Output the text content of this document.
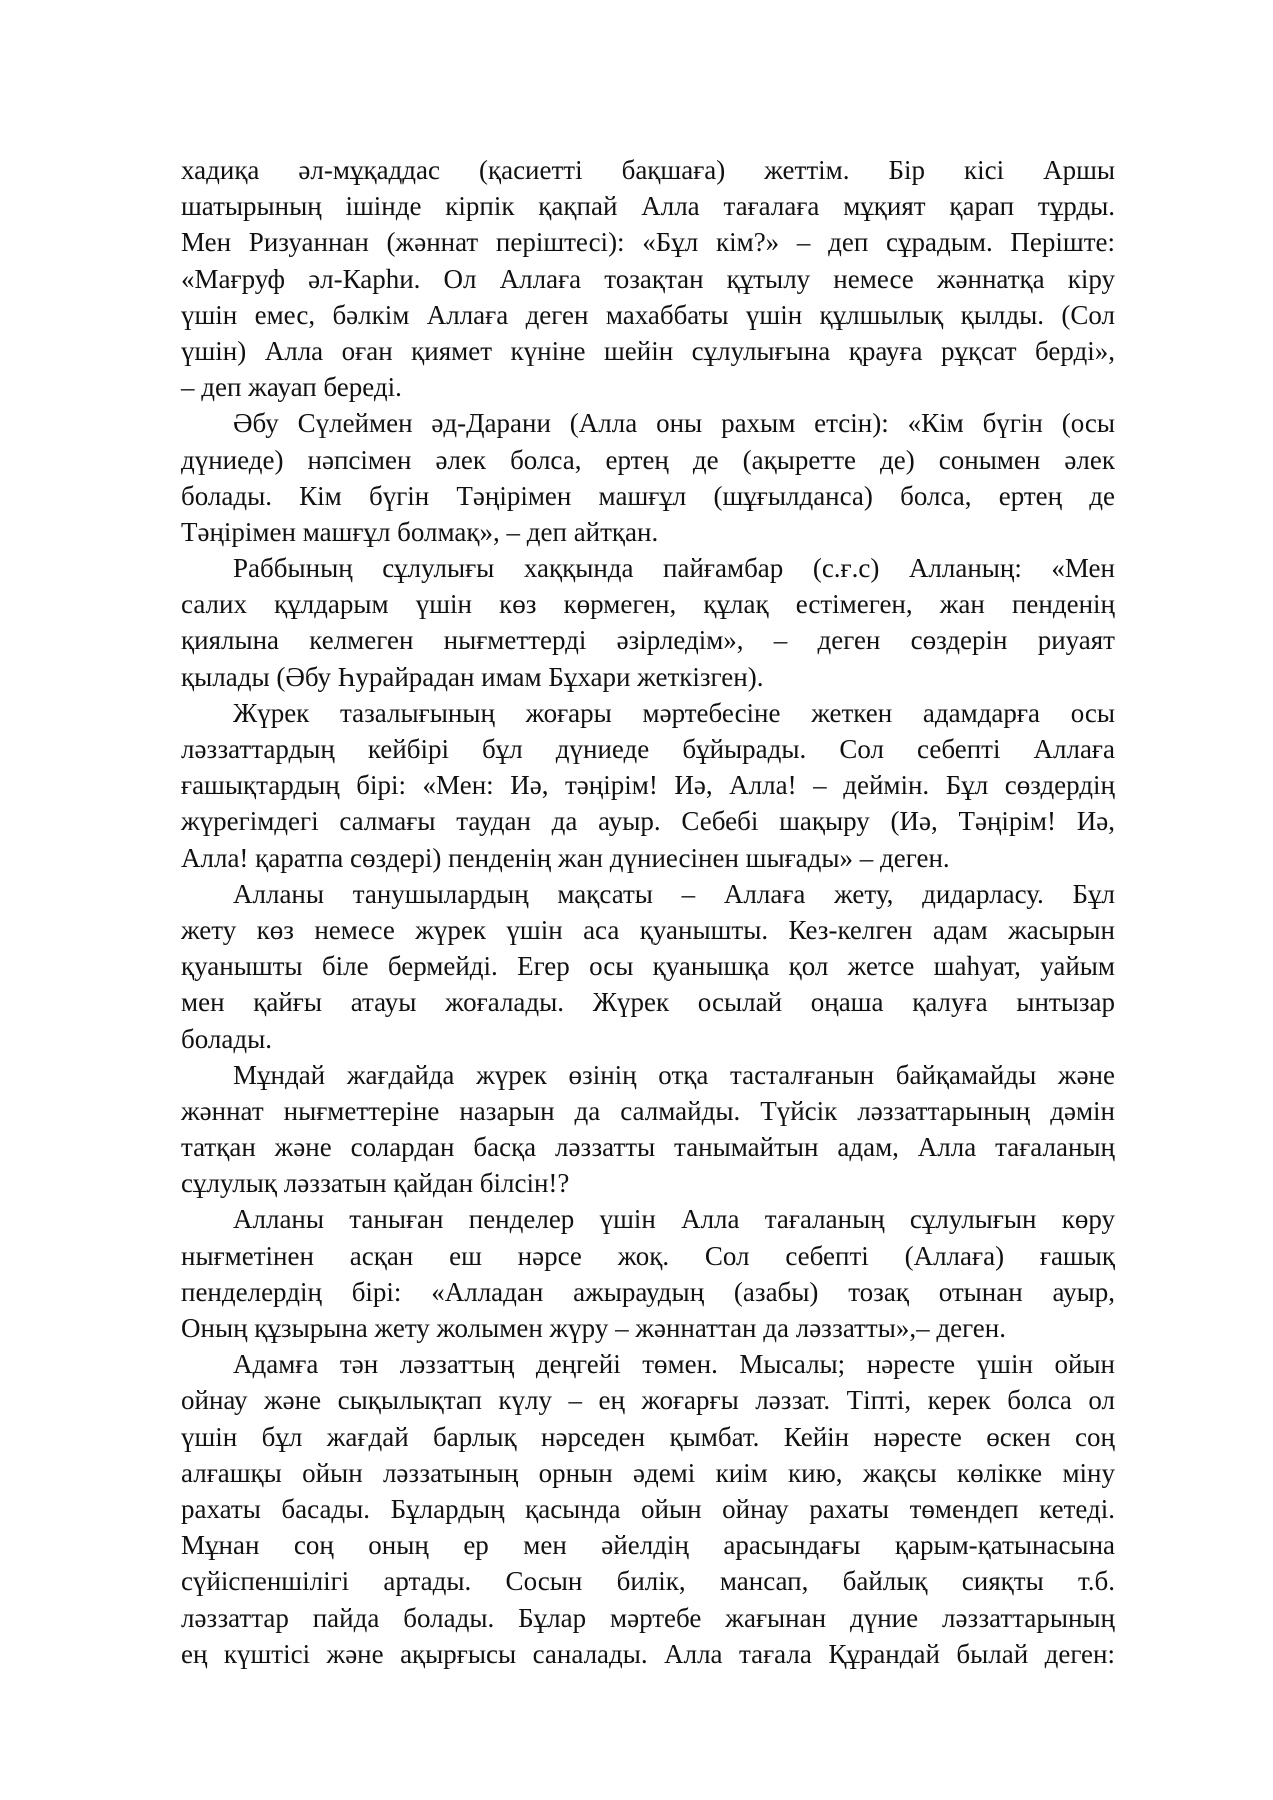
хадиқа әл-мұқаддас (қасиетті бақшаға) жеттім. Бір кісі Аршы
шатырының ішінде кірпік қақпай Алла тағалаға мұқият қарап тұрды.
Мен Ризуаннан (жәннат періштесі): «Бұл кім?» – деп сұрадым. Періште:
«Мағруф әл-Карһи. Ол Аллаға тозақтан құтылу немесе жәннатқа кіру
үшін емес, бәлкім Аллаға деген махаббаты үшін құлшылық қылды. (Сол
үшін) Алла оған қиямет күніне шейін сұлулығына қрауға рұқсат берді»,
– деп жауап береді.
Әбу Сүлеймен әд-Дарани (Алла оны рахым етсін): «Кім бүгін (осы
дүниеде) нәпсімен әлек болса, ертең де (ақыретте де) сонымен әлек
болады. Кім бүгін Тәңірімен машғұл (шұғылданса) болса, ертең де
Тәңірімен машғұл болмақ», – деп айтқан.
Раббының сұлулығы хаққында пайғамбар (с.ғ.с) Алланың: «Мен
салих құлдарым үшін көз көрмеген, құлақ естімеген, жан пенденің
қиялына келмеген нығметтерді әзірледім», – деген сөздерін риуаят
қылады (Әбу Һурайрадан имам Бұхари жеткізген).
Жүрек тазалығының жоғары мәртебесіне жеткен адамдарға осы
ләззаттардың кейбірі бұл дүниеде бұйырады. Сол себепті Аллаға
ғашықтардың бірі: «Мен: Иә, тәңірім! Иә, Алла! – деймін. Бұл сөздердің
жүрегімдегі салмағы таудан да ауыр. Себебі шақыру (Иә, Тәңірім! Иә,
Алла! қаратпа сөздері) пенденің жан дүниесінен шығады» – деген.
Алланы танушылардың мақсаты – Аллаға жету, дидарласу. Бұл
жету көз немесе жүрек үшін аса қуанышты. Кез-келген адам жасырын
қуанышты біле бермейді. Егер осы қуанышқа қол жетсе шаһуат, уайым
мен қайғы атауы жоғалады. Жүрек осылай оңаша қалуға ынтызар
болады.
Мұндай жағдайда жүрек өзінің отқа тасталғанын байқамайды және
жәннат нығметтеріне назарын да салмайды. Түйсік ләззаттарының дәмін
татқан және солардан басқа ләззатты танымайтын адам, Алла тағаланың
сұлулық ләззатын қайдан білсін!?
Алланы таныған пенделер үшін Алла тағаланың сұлулығын көру
нығметінен асқан еш нәрсе жоқ. Сол себепті (Аллаға) ғашық
пенделердің бірі: «Алладан ажыраудың (азабы) тозақ отынан ауыр,
Оның құзырына жету жолымен жүру – жәннаттан да ләззатты»,– деген.
Адамға тән ләззаттың деңгейі төмен. Мысалы; нәресте үшін ойын
ойнау және сықылықтап күлу – ең жоғарғы ләззат. Тіпті, керек болса ол
үшін бұл жағдай барлық нәрседен қымбат. Кейін нәресте өскен соң
алғашқы ойын ләззатының орнын әдемі киім кию, жақсы көлікке міну
рахаты басады. Бұлардың қасында ойын ойнау рахаты төмендеп кетеді.
Мұнан соң оның ер мен әйелдің арасындағы қарым-қатынасына
сүйіспеншілігі артады. Сосын билік, мансап, байлық сияқты т.б.
ләззаттар пайда болады. Бұлар мәртебе жағынан дүние ләззаттарының
ең күштісі және ақырғысы саналады. Алла тағала Құрандай былай деген:
